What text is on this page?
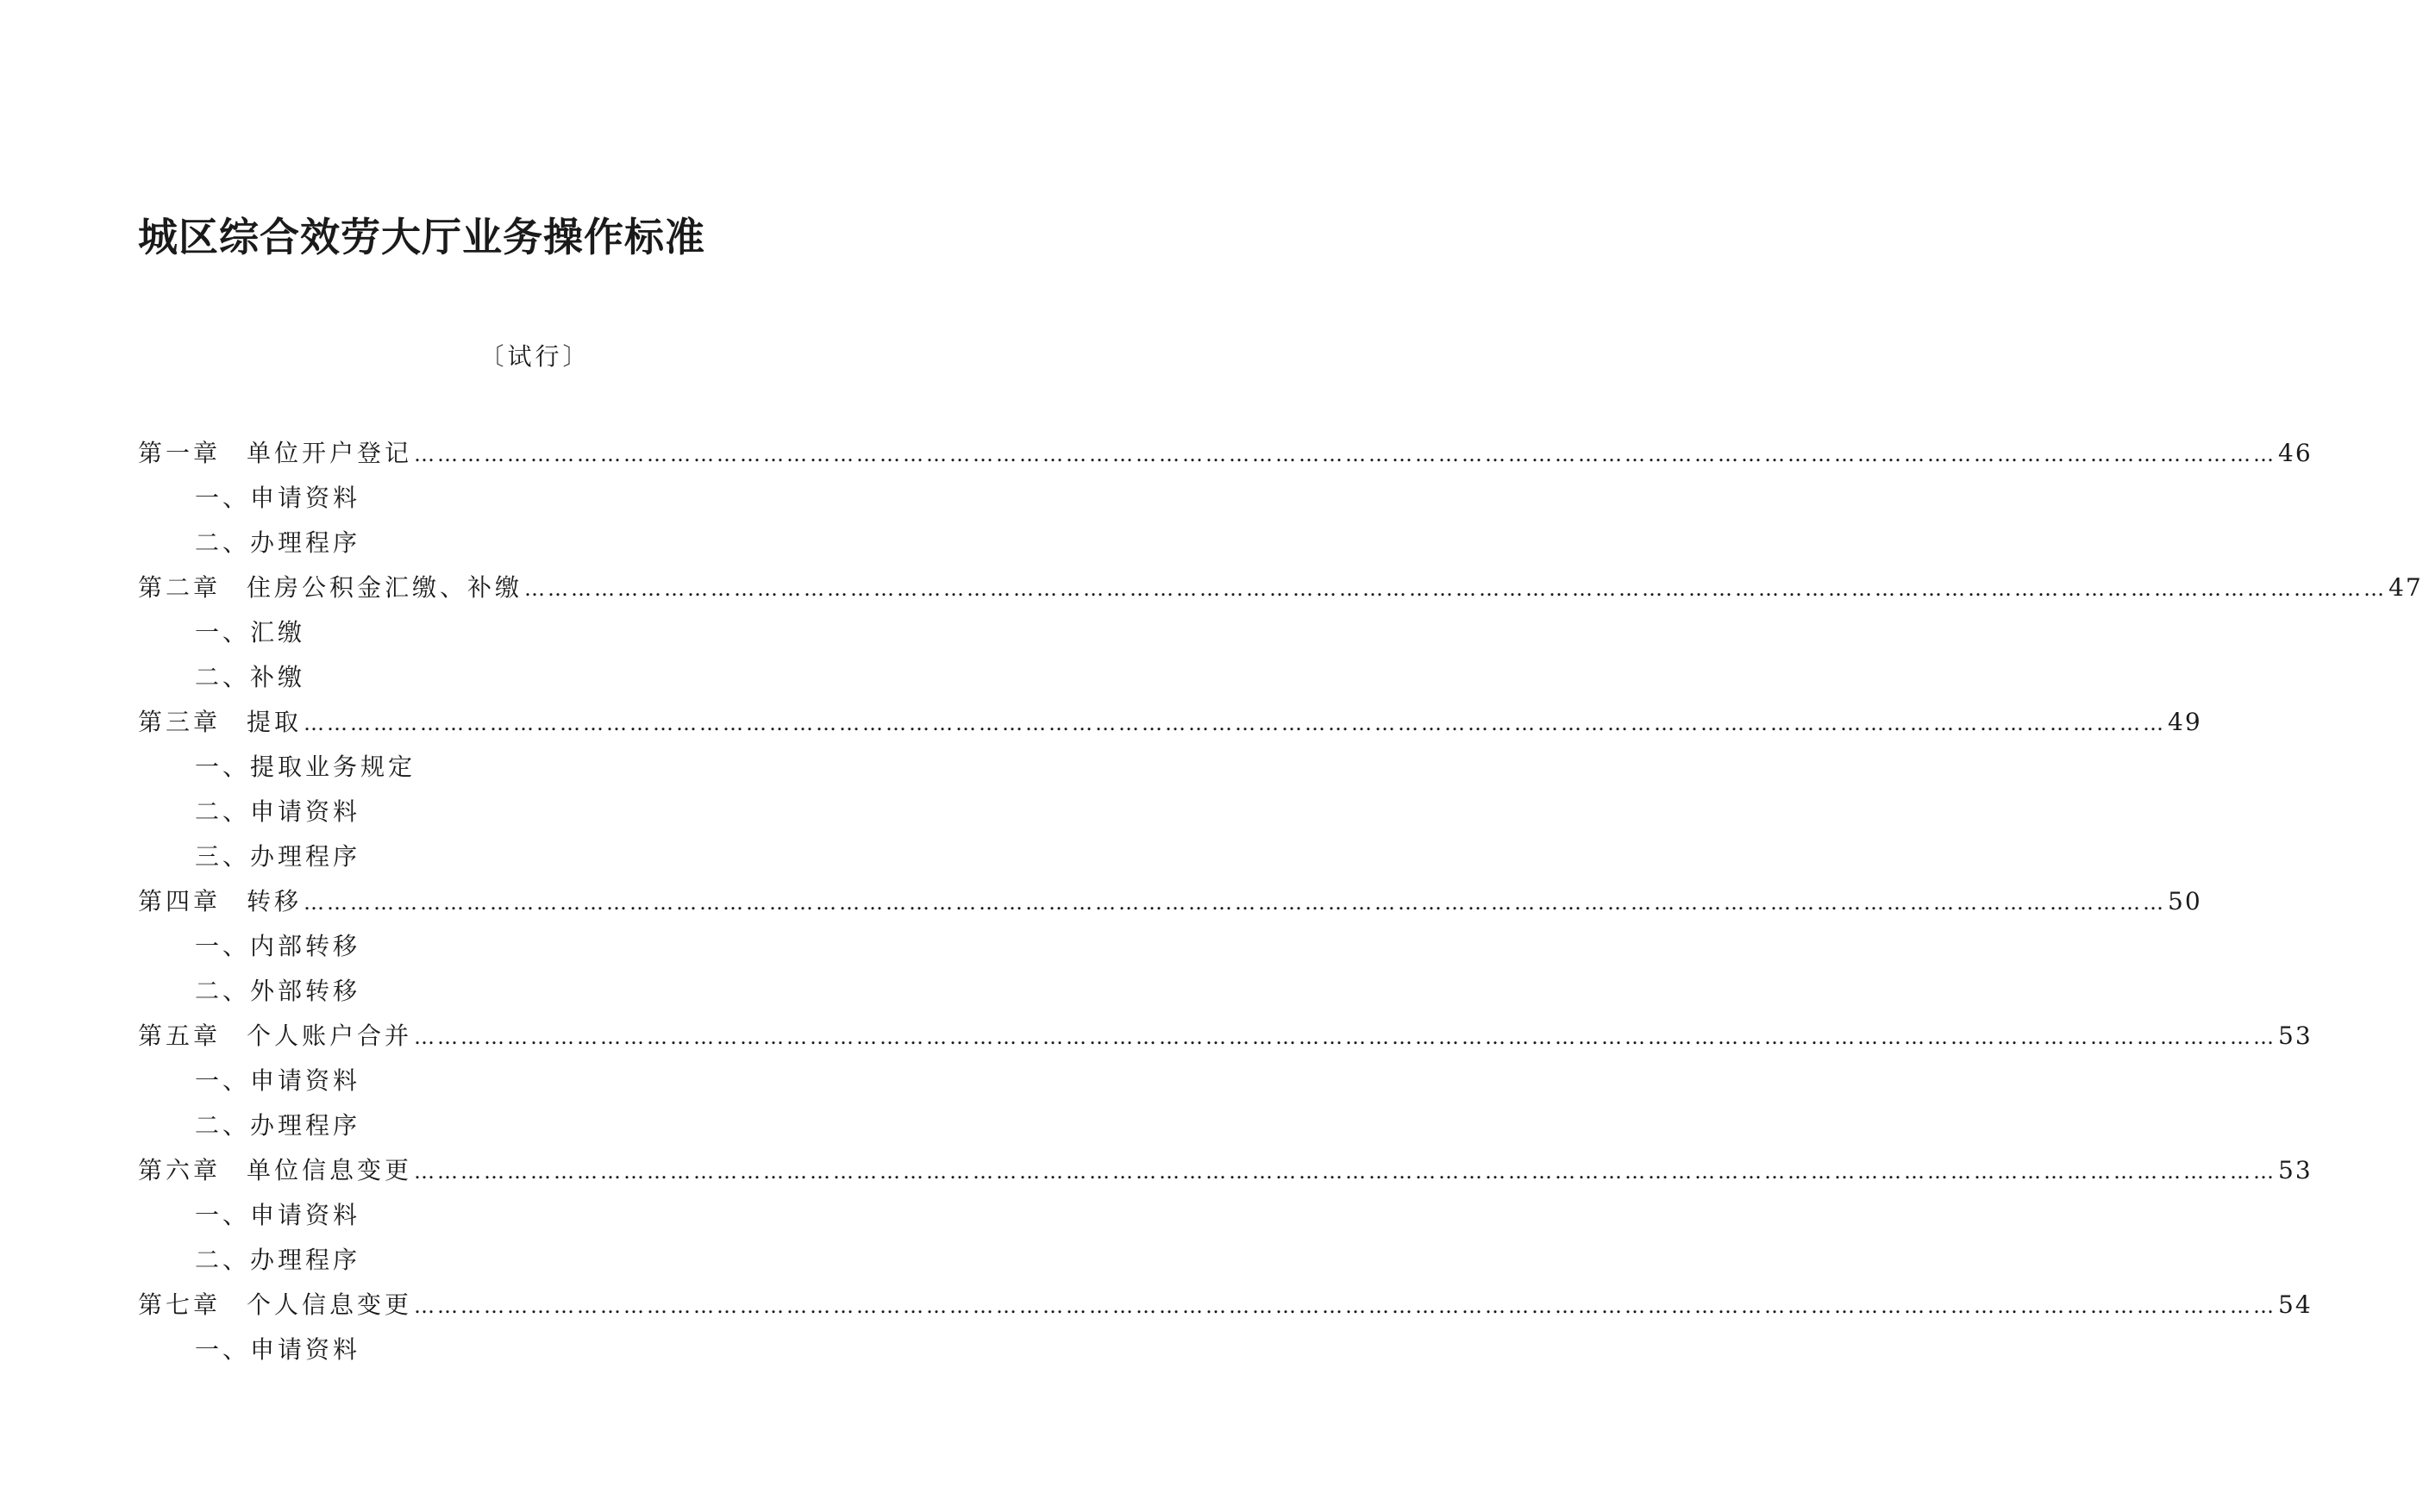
城区综合效劳大厅业务操作标准
〔试行〕
第一章	单位开户登记 …………………………………………………………………………………………………………………………………………………………………………………………………………………… 46
一、申请资料
二、办理程序
第二章	住房公积金汇缴、补缴 …………………………………………………………………………………………………………………………………………………………………………………………………………………… 47
一、汇缴
二、补缴
第三章	提取 …………………………………………………………………………………………………………………………………………………………………………………………………………………… 49
一、提取业务规定
二、申请资料
三、办理程序
第四章	转移 …………………………………………………………………………………………………………………………………………………………………………………………………………………… 50
一、内部转移
二、外部转移
第五章	个人账户合并 …………………………………………………………………………………………………………………………………………………………………………………………………………………… 53
一、申请资料
二、办理程序
第六章	单位信息变更 …………………………………………………………………………………………………………………………………………………………………………………………………………………… 53
一、申请资料
二、办理程序
第七章	个人信息变更 …………………………………………………………………………………………………………………………………………………………………………………………………………………… 54
一、申请资料
